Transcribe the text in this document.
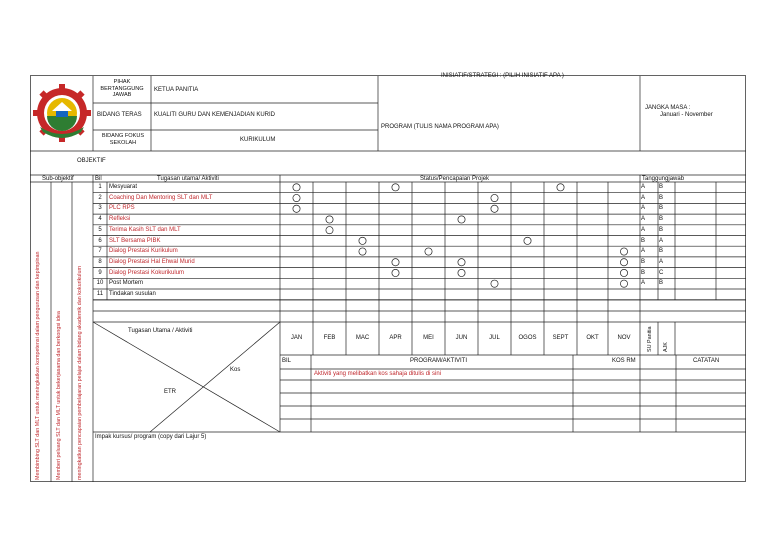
PIHAK BERTANGGUNG JAWAB
KETUA PANITIA
BIDANG TERAS KUALITI GURU DAN KEMENJADIAN KURID
BIDANG FOKUS SEKOLAH	KURIKULUM
INISIATIF/STRATEGI : (PILIH INISIATIF APA )
PROGRAM (TULIS NAMA PROGRAM APA)
JANGKA MASA :
Januari - November
OBJEKTIF
Sub-objektif	Bil	Tugasan utama/ Aktiviti	Status/Pencapaian Projek	Tanggungjawab
Membimbing SLT dan MLT untuk meningkatkan kompetensi dalam pengurusan dan kepimpinan	Memberi peluang SLT dan MLT untuk bekerjasama dan berkongsi idea	meningkatkan pencapaian pembelajaran pelajar dalam bidang akademik dan kokurikulum
1	Mesyuarat	A B
2	Coaching Dan Mentoring SLT dan MLT	A B
3	PLC RPS	A B
4	Refleksi	A B
5	Terima Kasih SLT dan MLT	A B
6	SLT Bersama PIBK	B A
7	Dialog Prestasi Kurikulum	A B
8	Dialog Prestasi Hal Ehwal Murid	B A
9	Dialog Prestasi Kokurikulum	B C
10 Post Mortem	A B
11 Tindakan susulan
Tugasan Utama / Aktiviti
Kos
ETR
JAN	FEB	MAC	APR	MEI	JUN	JUL	OGOS	SEPT	OKT	NOV	SU Panitia AJK
BIL	PROGRAM/AKTIVITI	KOS RM	CATATAN
Aktiviti yang melibatkan kos sahaja ditulis di sini
Impak kursus/ program (copy dari Lajur 5)
